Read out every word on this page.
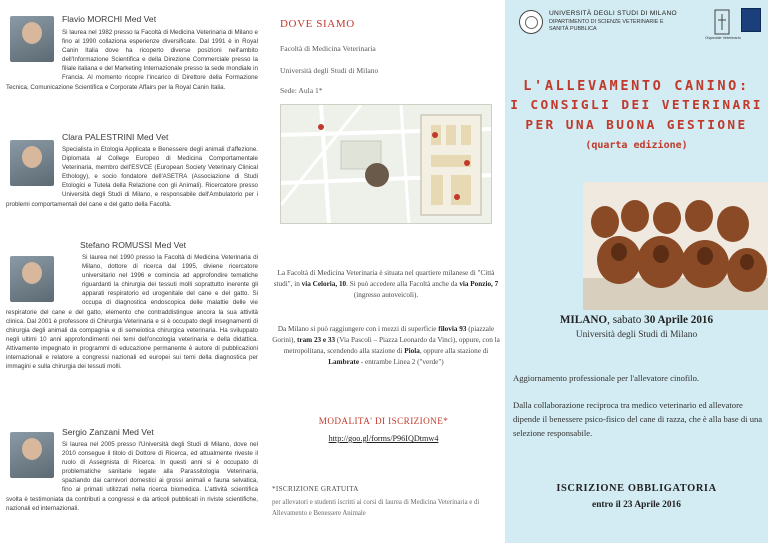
Flavio MORCHI Med Vet
Si laurea nel 1982 presso la Facoltà di Medicina Veterinaria di Milano e fino al 1990 collaziona esperienze diversificate. Dal 1991 è in Royal Canin Italia dove ha ricoperto diverse posizioni nell'ambito dell'Informazione Scientifica e della Direzione Commerciale presso la filiale italiana e del Marketing Internazionale presso la sede mondiale in Francia. Al momento ricopre l'incarico di Direttore della Formazione Tecnica, Comunicazione Scientifica e Corporate Affairs per la Royal Canin Italia.
Clara PALESTRINI Med Vet
Specialista in Etologia Applicata e Benessere degli animali d'affezione. Diplomata al College Europeo di Medicina Comportamentale Veterinaria, membro dell'ESVCE (European Society Veterinary Clinical Ethology), e socio fondatore dell'ASETRA (Associazione di Studi Etologici e Tutela della Relazione con gli Animali). Ricercatore presso Università degli Studi di Milano, e responsabile dell'Ambulatorio per i problemi comportamentali del cane e del gatto della Facoltà.
Stefano ROMUSSI Med Vet
Si laurea nel 1990 presso la Facoltà di Medicina Veterinaria di Milano, dottore di ricerca dal 1995, diviene ricercatore universitario nel 1996 e comincia ad approfondire tematiche riguardanti la chirurgia dei tessuti molli soprattutto inerente gli apparati respiratorio ed urogenitale del cane e del gatto. Si occupa di diagnostica endoscopica delle malattie delle vie respiratorie del cane e del gatto, elemento che contraddistingue ancora la sua attività clinica. Dal 2001 è professore di Chirurgia Veterinaria e si è occupato degli insegnamenti di chirurgia degli animali da compagnia e di semeiotica chirurgica veterinaria. Ha sviluppato negli ultimi 10 anni approfondimenti nei temi dell'oncologia veterinaria e della didattica. Attivamente impegnato in programmi di educazione permanente è autore di pubblicazioni internazionali e relatore a congressi nazionali ed europei sui temi della diagnostica per immagini e sulla chirurgia dei tessuti molli.
Sergio Zanzani Med Vet
Si laurea nel 2005 presso l'Università degli Studi di Milano, dove nel 2010 consegue il titolo di Dottore di Ricerca, ed attualmente riveste il ruolo di Assegnista di Ricerca. In questi anni si è occupato di problematiche sanitarie legate alla Parassitologia Veterinaria, spaziando dai carnivori domestici ai grossi animali e fauna selvatica, fino ai primati utilizzati nella ricerca biomedica. L'attività scientifica svolta è testimoniata da contributi a congressi e da articoli pubblicati in riviste scientifiche, nazionali ed internazionali.
DOVE SIAMO
Facoltà di Medicina Veterinaria
Università degli Studi di Milano
Sede: Aula 1*
La Facoltà di Medicina Veterinaria è situata nel quartiere milanese di "Città studi", in via Celoria, 10. Si può accedere alla Facoltà anche da via Ponzio, 7 (ingresso autoveicoli).
Da Milano si può raggiungere con i mezzi di superficie filovia 93 (piazzale Gorini), tram 23 e 33 (Via Pascoli – Piazza Leonardo da Vinci), oppure, con la metropolitana, scendendo alla stazione di Piola, oppure alla stazione di Lambrate - entrambe Linea 2 ("verde")
MODALITA' DI ISCRIZIONE*
http://goo.gl/forms/P96IQDtmw4
*ISCRIZIONE GRATUITA
per allevatori e studenti iscritti ai corsi di laurea di Medicina Veterinaria e di Allevamento e Benessere Animale
UNIVERSITÀ DEGLI STUDI DI MILANO
DIPARTIMENTO DI SCIENZE VETERINARIE E SANITÀ PUBBLICA
Ospedale Veterinario
L'ALLEVAMENTO CANINO:
I CONSIGLI DEI VETERINARI
PER UNA BUONA GESTIONE
(quarta edizione)
MILANO, sabato 30 Aprile 2016
Università degli Studi di Milano
Aggiornamento professionale per l'allevatore cinofilo.
Dalla collaborazione reciproca tra medico veterinario ed allevatore dipende il benessere psico-fisico del cane di razza, che è alla base di una selezione responsabile.
ISCRIZIONE OBBLIGATORIA
entro il 23 Aprile 2016
